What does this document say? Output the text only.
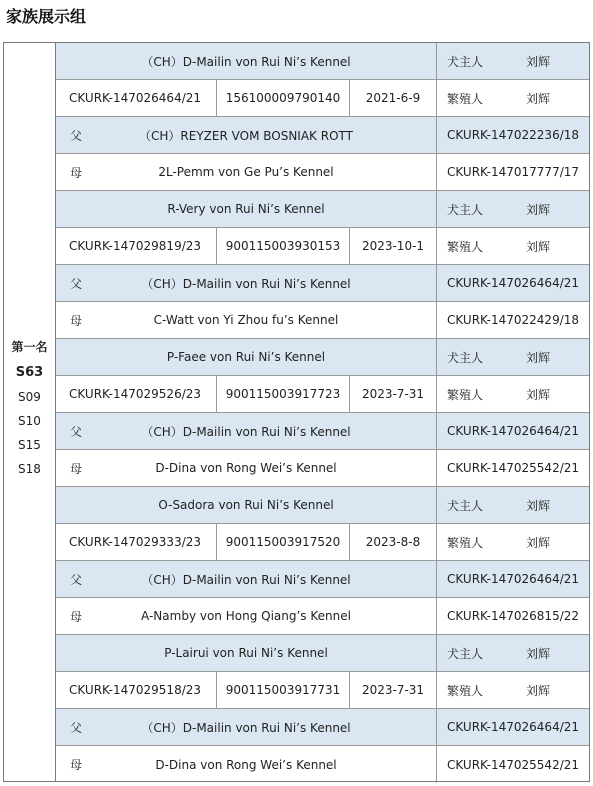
家族展示组
第一名
S63
S09
S10
S15
S18
（CH）D-Mailin von Rui Ni’s Kennel	犬主人	刘辉
CKURK-147026464/21	156100009790140	2021-6-9	繁殖人	刘辉
父	（CH）REYZER VOM BOSNIAK ROTT	CKURK-147022236/18
母	2L-Pemm von Ge Pu’s Kennel	CKURK-147017777/17
R-Very von Rui Ni’s Kennel	犬主人	刘辉
CKURK-147029819/23	900115003930153	2023-10-1	繁殖人	刘辉
父	（CH）D-Mailin von Rui Ni’s Kennel	CKURK-147026464/21
母	C-Watt von Yi Zhou fu’s Kennel	CKURK-147022429/18
P-Faee von Rui Ni’s Kennel	犬主人	刘辉
CKURK-147029526/23	900115003917723	2023-7-31	繁殖人	刘辉
父	（CH）D-Mailin von Rui Ni’s Kennel	CKURK-147026464/21
母	D-Dina von Rong Wei’s Kennel	CKURK-147025542/21
O-Sadora von Rui Ni’s Kennel	犬主人	刘辉
CKURK-147029333/23	900115003917520	2023-8-8	繁殖人	刘辉
父	（CH）D-Mailin von Rui Ni’s Kennel	CKURK-147026464/21
母	A-Namby von Hong Qiang’s Kennel	CKURK-147026815/22
P-Lairui von Rui Ni’s Kennel	犬主人	刘辉
CKURK-147029518/23	900115003917731	2023-7-31	繁殖人	刘辉
父	（CH）D-Mailin von Rui Ni’s Kennel	CKURK-147026464/21
母	D-Dina von Rong Wei’s Kennel	CKURK-147025542/21
